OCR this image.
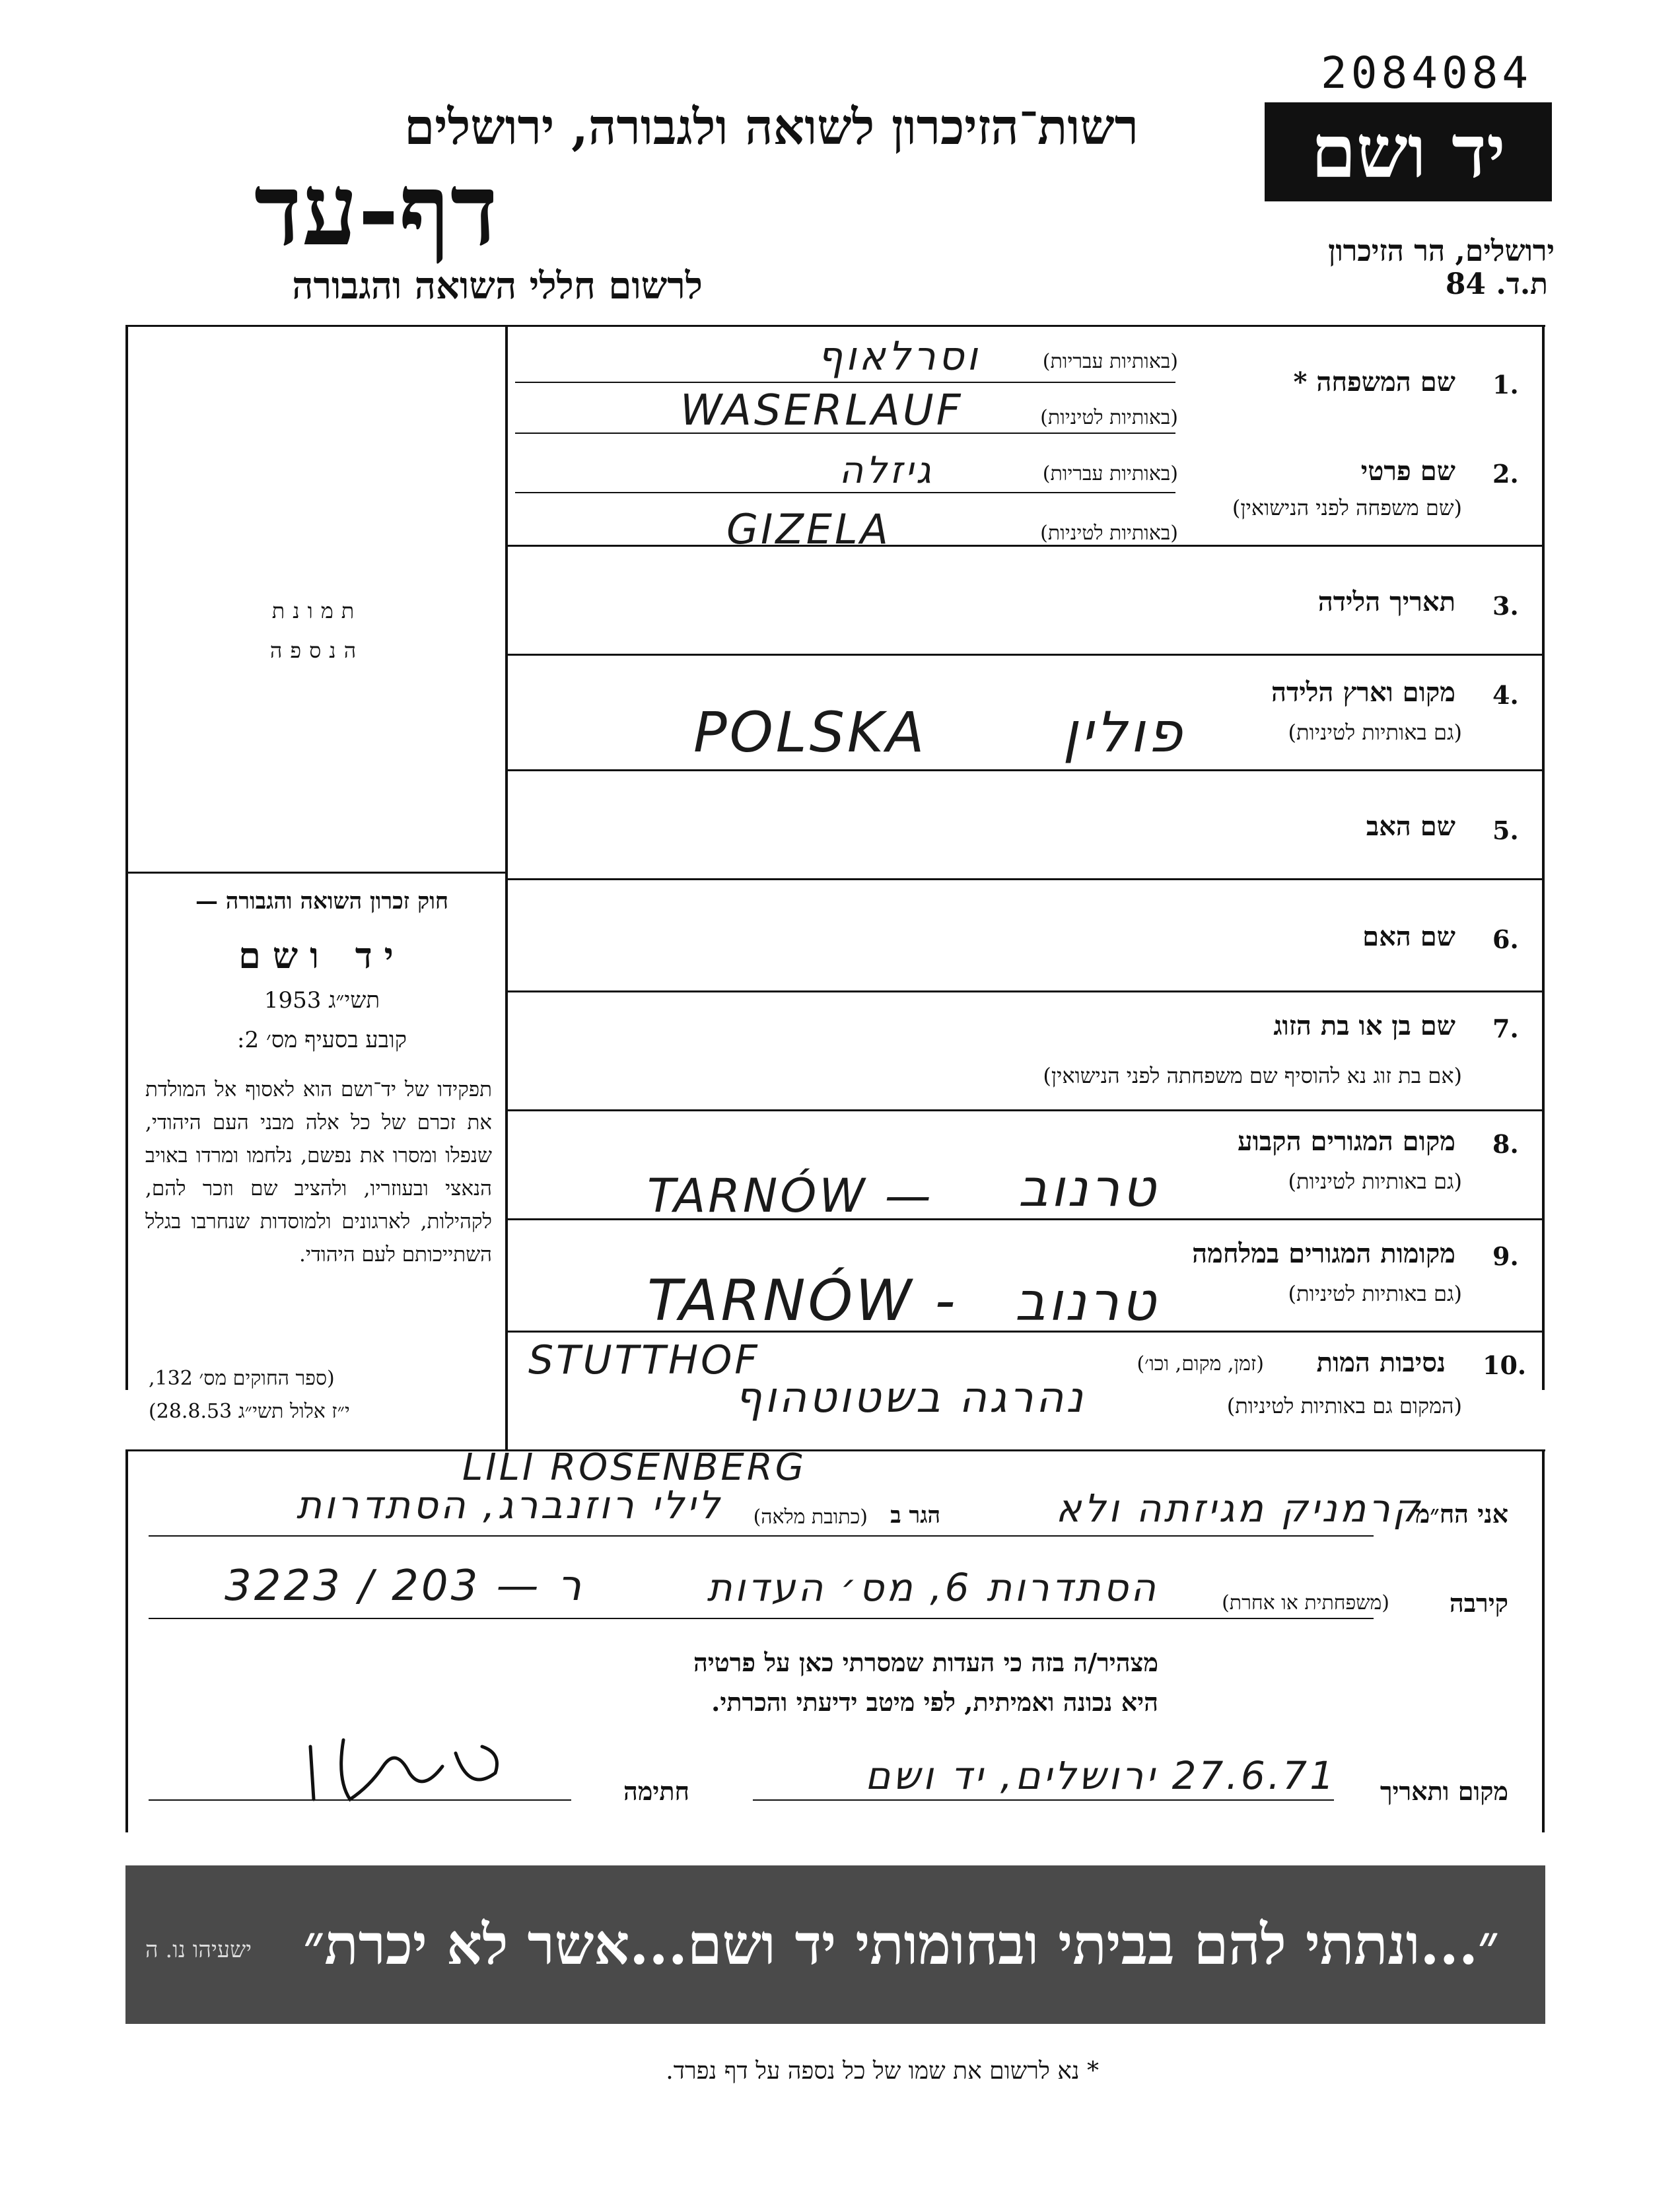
2084084
רשות־הזיכרון לשואה ולגבורה, ירושלים
דף-עד
לרשום חללי השואה והגבורה
יד ושם
ירושלים, הר הזיכרון
ת.ד. 84
תמונת
הנספה
חוק זכרון השואה והגבורה —
יד ושם
תשי״ג 1953
קובע בסעיף מס׳ 2:
תפקידו של יד־ושם הוא לאסוף אל המולדת את זכרם של כל אלה מבני העם היהודי, שנפלו ומסרו את נפשם, נלחמו ומרדו באויב הנאצי ובעוזריו, ולהציב שם וזכר להם, לקהילות, לארגונים ולמוסדות שנחרבו בגלל השתייכותם לעם היהודי.
(ספר החוקים מס׳ 132,
י״ז אלול תשי״ג 28.8.53)
1.
שם המשפחה *
(באותיות עבריות)
(באותיות לטיניות)
וסרלאוף
WASERLAUF
2.
שם פרטי
(שם משפחה לפני הנישואין)
(באותיות עבריות)
(באותיות לטיניות)
גיזלה
GIZELA
3.
תאריך הלידה
4.
מקום וארץ הלידה
(גם באותיות לטיניות)
פולין
POLSKA
5.
שם האב
6.
שם האם
7.
שם בן או בת הזוג
(אם בת זוג נא להוסיף שם משפחתה לפני הנישואין)
8.
מקום המגורים הקבוע
(גם באותיות לטיניות)
טרנוב
TARNÓW —
9.
מקומות המגורים במלחמה
(גם באותיות לטיניות)
טרנוב
TARNÓW -
10.
נסיבות המות
(זמן, מקום, וכו׳)
(המקום גם באותיות לטיניות)
נהרגה בשטוטהוף
STUTTHOF
LILI ROSENBERG
אני הח״מ
קרמניק מגיזתה ולא
הגר ב
(כתובת מלאה)
לילי רוזנברג, הסתדרות
קירבה
(משפחתית או אחרת)
הסתדרות 6, מס׳ העדות
3223 / 203 — ר
מצהיר/ה בזה כי העדות שמסרתי כאן על פרטיה
היא נכונה ואמיתית, לפי מיטב ידיעתי והכרתי.
מקום ותאריך
27.6.71 ירושלים, יד ושם
חתימה
״...ונתתי להם בביתי ובחומותי יד ושם...אשר לא יכרת״
ישעיהו נו. ה
* נא לרשום את שמו של כל נספה על דף נפרד.
